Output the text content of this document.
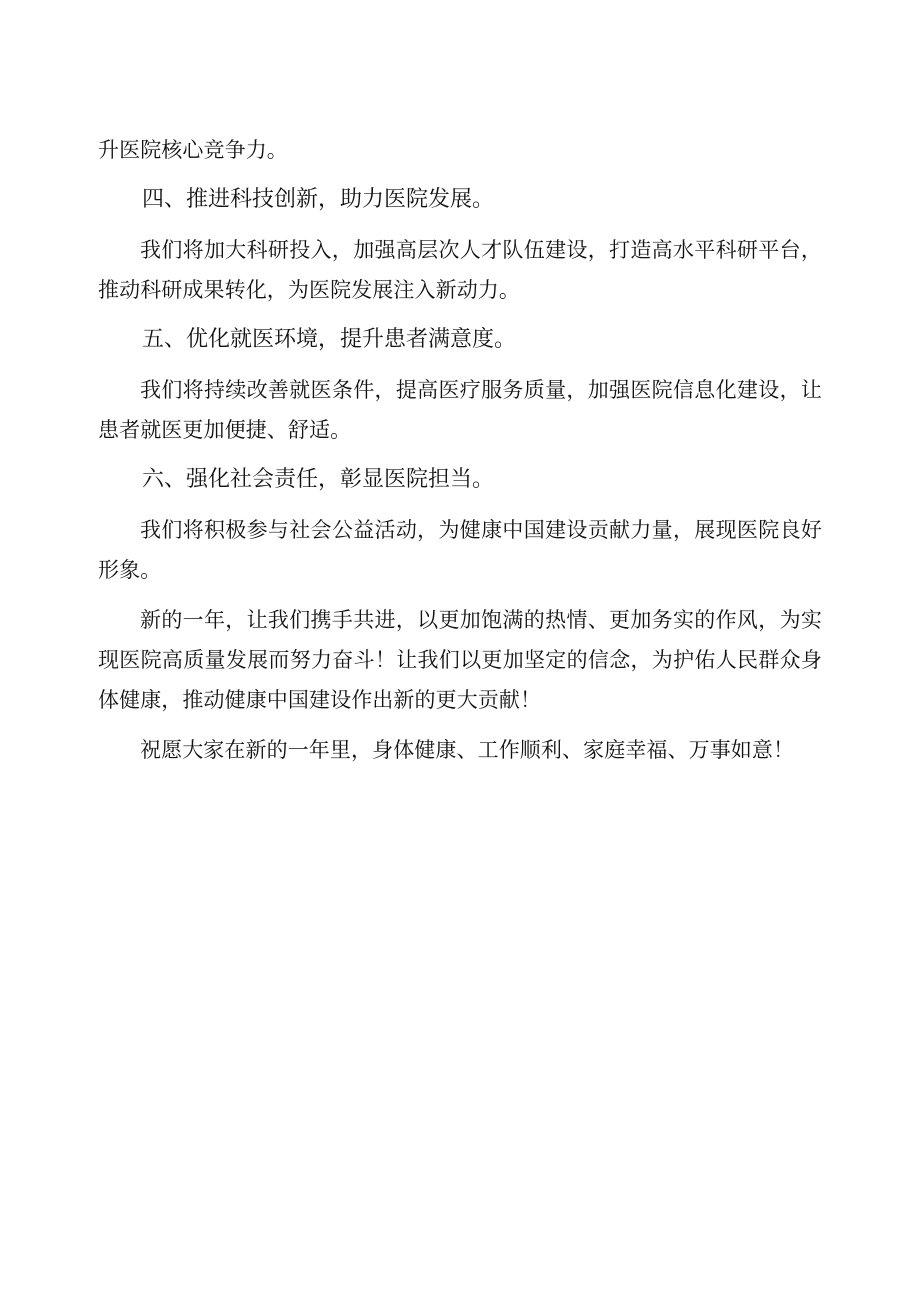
升医院核心竞争力。

四、推进科技创新，助力医院发展。

我们将加大科研投入，加强高层次人才队伍建设，打造高水平科研平台，推动科研成果转化，为医院发展注入新动力。

五、优化就医环境，提升患者满意度。

我们将持续改善就医条件，提高医疗服务质量，加强医院信息化建设，让患者就医更加便捷、舒适。

六、强化社会责任，彰显医院担当。

我们将积极参与社会公益活动，为健康中国建设贡献力量，展现医院良好形象。

新的一年，让我们携手共进，以更加饱满的热情、更加务实的作风，为实现医院高质量发展而努力奋斗！让我们以更加坚定的信念，为护佑人民群众身体健康，推动健康中国建设作出新的更大贡献！

祝愿大家在新的一年里，身体健康、工作顺利、家庭幸福、万事如意！
